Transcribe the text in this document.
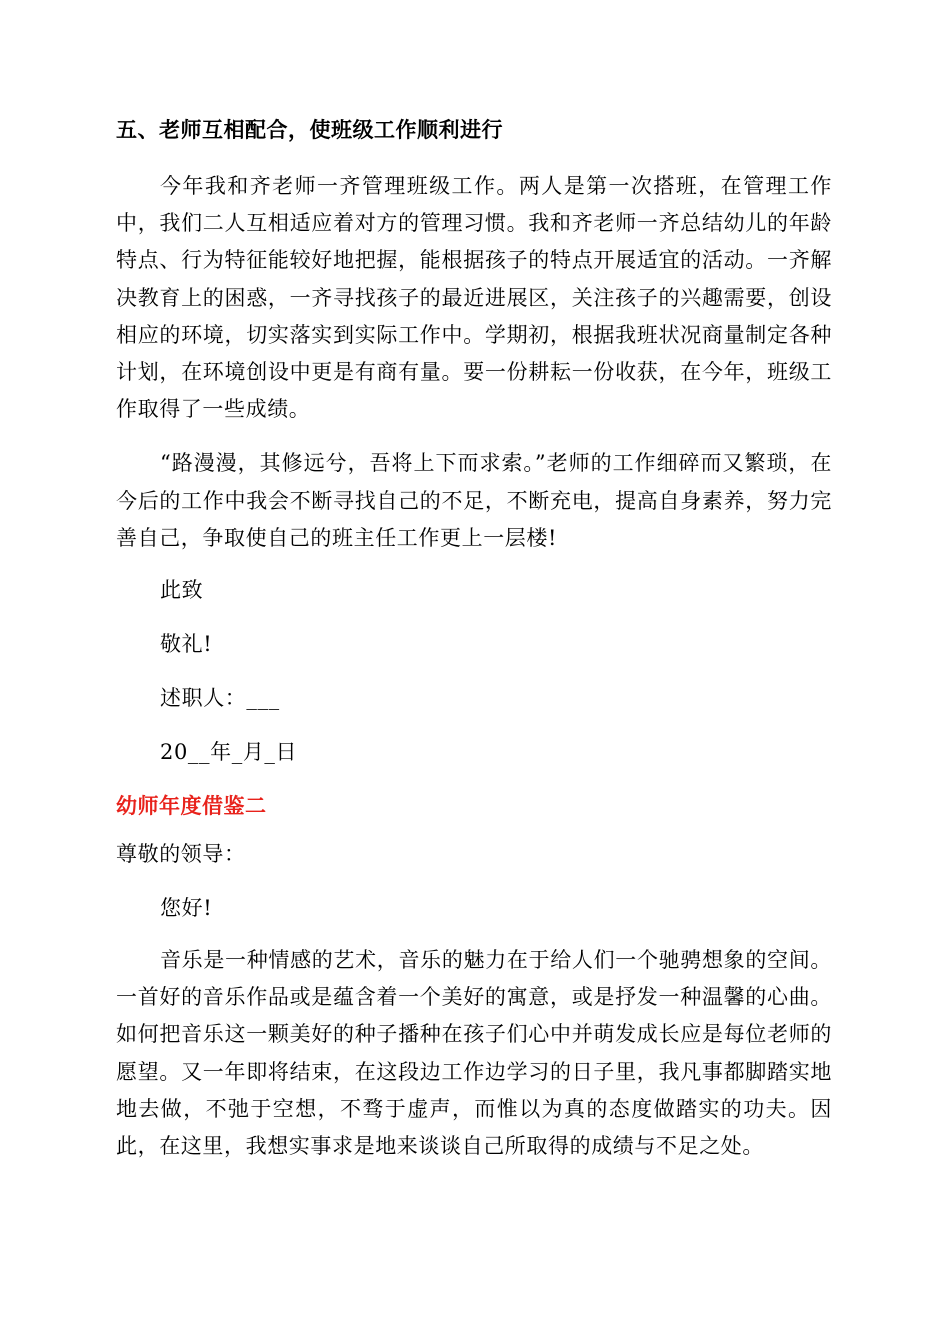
五、老师互相配合，使班级工作顺利进行

今年我和齐老师一齐管理班级工作。两人是第一次搭班，在管理工作中，我们二人互相适应着对方的管理习惯。我和齐老师一齐总结幼儿的年龄特点、行为特征能较好地把握，能根据孩子的特点开展适宜的活动。一齐解决教育上的困惑，一齐寻找孩子的最近进展区，关注孩子的兴趣需要，创设相应的环境，切实落实到实际工作中。学期初，根据我班状况商量制定各种计划，在环境创设中更是有商有量。要一份耕耘一份收获，在今年，班级工作取得了一些成绩。

“路漫漫，其修远兮，吾将上下而求索。”老师的工作细碎而又繁琐，在今后的工作中我会不断寻找自己的不足，不断充电，提高自身素养，努力完善自己，争取使自己的班主任工作更上一层楼!

此致

敬礼!

述职人：___

20__年_月_日

幼师年度借鉴二

尊敬的领导：

您好!

音乐是一种情感的艺术，音乐的魅力在于给人们一个驰骋想象的空间。一首好的音乐作品或是蕴含着一个美好的寓意，或是抒发一种温馨的心曲。如何把音乐这一颗美好的种子播种在孩子们心中并萌发成长应是每位老师的愿望。又一年即将结束，在这段边工作边学习的日子里，我凡事都脚踏实地地去做，不弛于空想，不骛于虚声，而惟以为真的态度做踏实的功夫。因此，在这里，我想实事求是地来谈谈自己所取得的成绩与不足之处。
